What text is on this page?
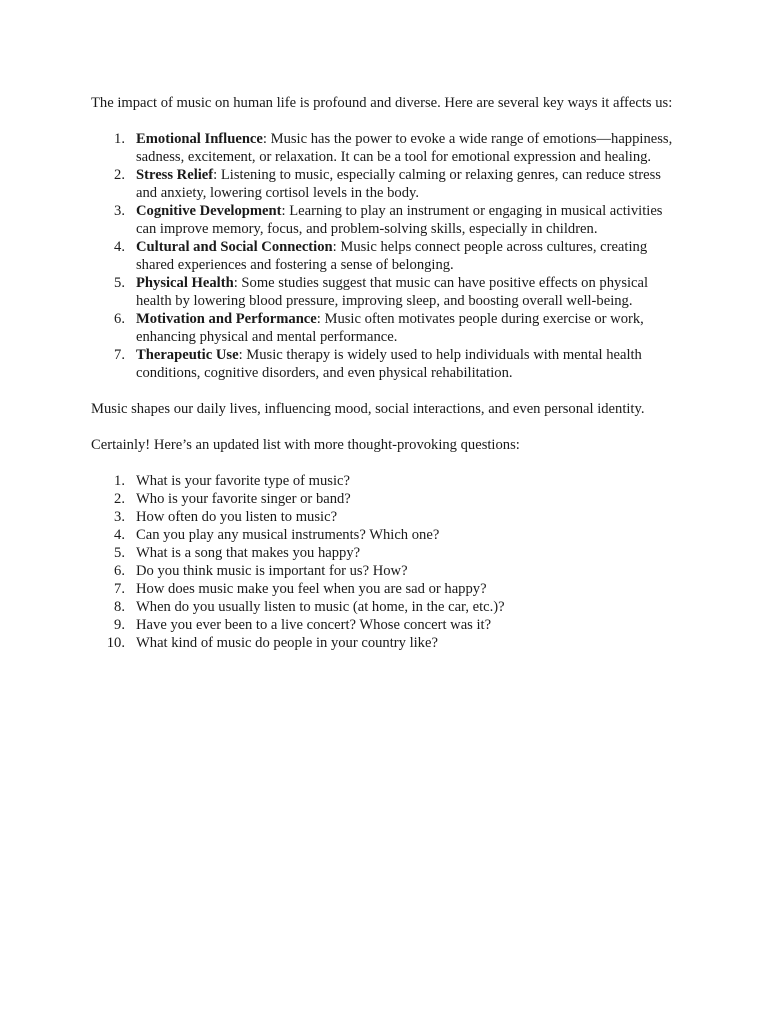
The impact of music on human life is profound and diverse. Here are several key ways it affects us:

1. Emotional Influence: Music has the power to evoke a wide range of emotions—happiness, sadness, excitement, or relaxation. It can be a tool for emotional expression and healing.
2. Stress Relief: Listening to music, especially calming or relaxing genres, can reduce stress and anxiety, lowering cortisol levels in the body.
3. Cognitive Development: Learning to play an instrument or engaging in musical activities can improve memory, focus, and problem-solving skills, especially in children.
4. Cultural and Social Connection: Music helps connect people across cultures, creating shared experiences and fostering a sense of belonging.
5. Physical Health: Some studies suggest that music can have positive effects on physical health by lowering blood pressure, improving sleep, and boosting overall well-being.
6. Motivation and Performance: Music often motivates people during exercise or work, enhancing physical and mental performance.
7. Therapeutic Use: Music therapy is widely used to help individuals with mental health conditions, cognitive disorders, and even physical rehabilitation.

Music shapes our daily lives, influencing mood, social interactions, and even personal identity.

Certainly! Here’s an updated list with more thought-provoking questions:

1. What is your favorite type of music?
2. Who is your favorite singer or band?
3. How often do you listen to music?
4. Can you play any musical instruments? Which one?
5. What is a song that makes you happy?
6. Do you think music is important for us? How?
7. How does music make you feel when you are sad or happy?
8. When do you usually listen to music (at home, in the car, etc.)?
9. Have you ever been to a live concert? Whose concert was it?
10. What kind of music do people in your country like?
